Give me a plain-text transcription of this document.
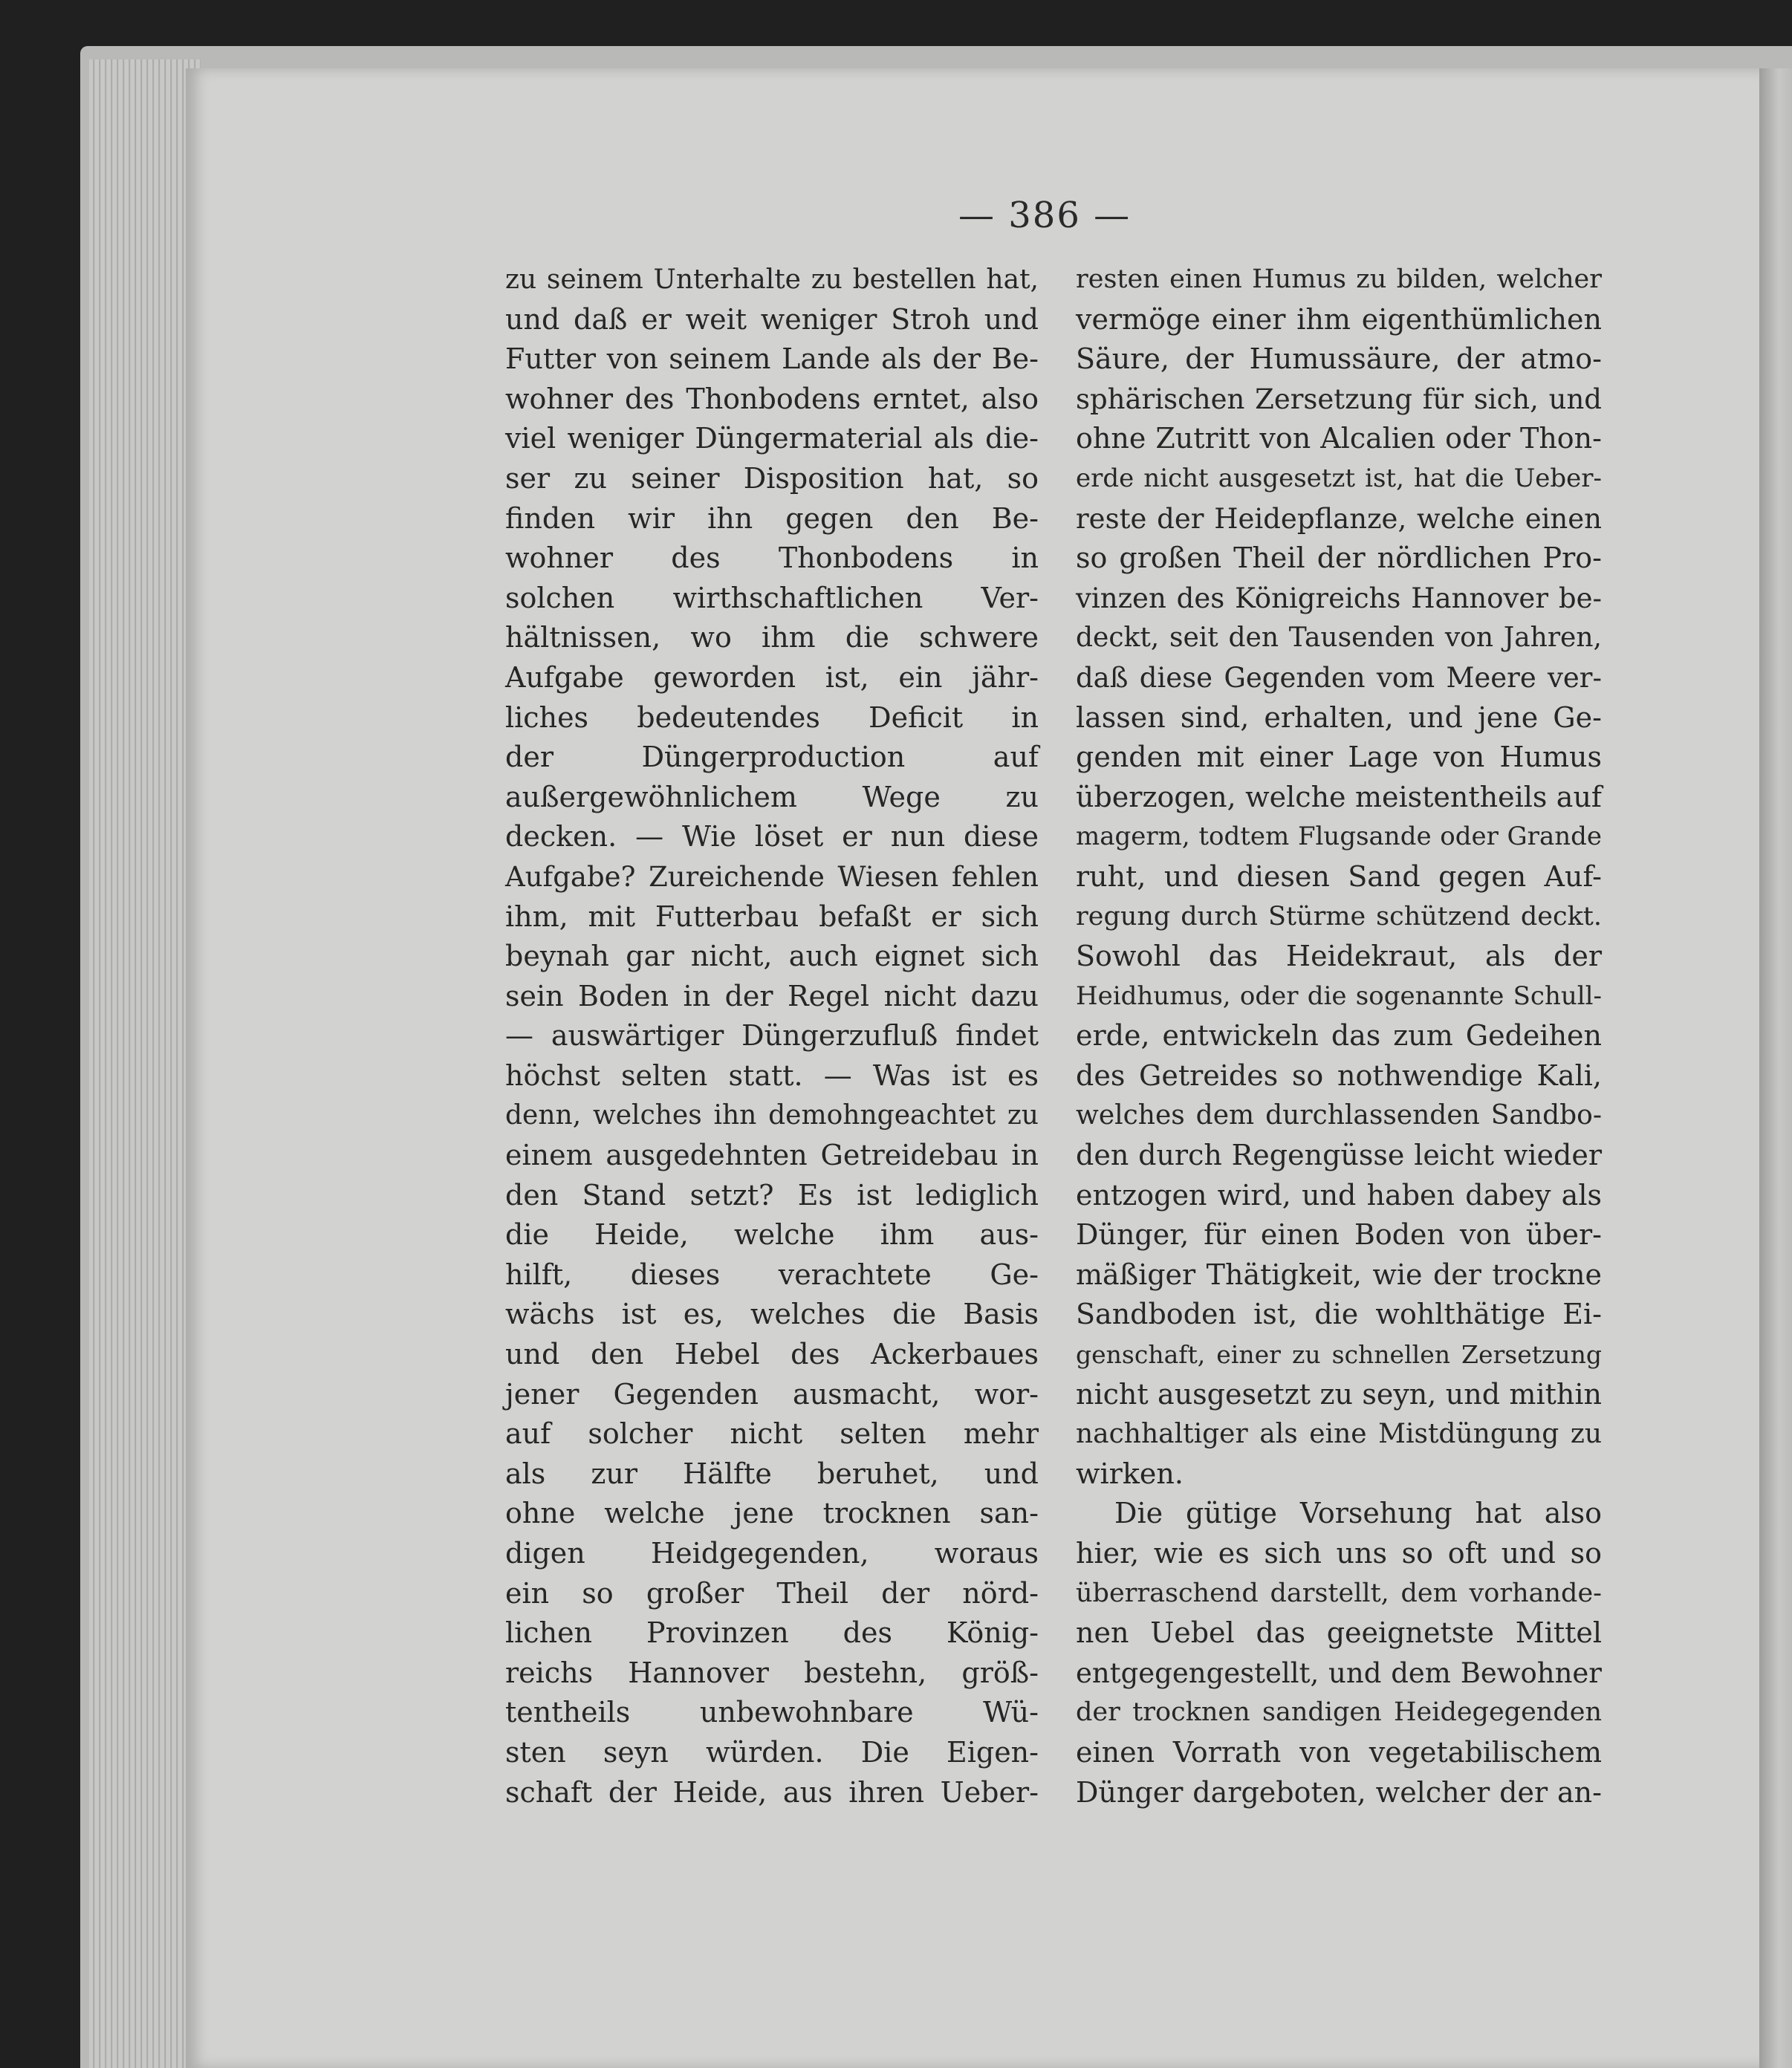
— 386 —
zu seinem Unterhalte zu bestellen hat,
und daß er weit weniger Stroh und
Futter von seinem Lande als der Be-
wohner des Thonbodens erntet, also
viel weniger Düngermaterial als die-
ser zu seiner Disposition hat, so
finden wir ihn gegen den Be-
wohner des Thonbodens in
solchen wirthschaftlichen Ver-
hältnissen, wo ihm die schwere
Aufgabe geworden ist, ein jähr-
liches bedeutendes Deficit in
der Düngerproduction auf
außergewöhnlichem Wege zu
decken. — Wie löset er nun diese
Aufgabe? Zureichende Wiesen fehlen
ihm, mit Futterbau befaßt er sich
beynah gar nicht, auch eignet sich
sein Boden in der Regel nicht dazu
— auswärtiger Düngerzufluß findet
höchst selten statt. — Was ist es
denn, welches ihn demohngeachtet zu
einem ausgedehnten Getreidebau in
den Stand setzt? Es ist lediglich
die Heide, welche ihm aus-
hilft, dieses verachtete Ge-
wächs ist es, welches die Basis
und den Hebel des Ackerbaues
jener Gegenden ausmacht, wor-
auf solcher nicht selten mehr
als zur Hälfte beruhet, und
ohne welche jene trocknen san-
digen Heidgegenden, woraus
ein so großer Theil der nörd-
lichen Provinzen des König-
reichs Hannover bestehn, größ-
tentheils unbewohnbare Wü-
sten seyn würden. Die Eigen-
schaft der Heide, aus ihren Ueber-
resten einen Humus zu bilden, welcher
vermöge einer ihm eigenthümlichen
Säure, der Humussäure, der atmo-
sphärischen Zersetzung für sich, und
ohne Zutritt von Alcalien oder Thon-
erde nicht ausgesetzt ist, hat die Ueber-
reste der Heidepflanze, welche einen
so großen Theil der nördlichen Pro-
vinzen des Königreichs Hannover be-
deckt, seit den Tausenden von Jahren,
daß diese Gegenden vom Meere ver-
lassen sind, erhalten, und jene Ge-
genden mit einer Lage von Humus
überzogen, welche meistentheils auf
magerm, todtem Flugsande oder Grande
ruht, und diesen Sand gegen Auf-
regung durch Stürme schützend deckt.
Sowohl das Heidekraut, als der
Heidhumus, oder die sogenannte Schull-
erde, entwickeln das zum Gedeihen
des Getreides so nothwendige Kali,
welches dem durchlassenden Sandbo-
den durch Regengüsse leicht wieder
entzogen wird, und haben dabey als
Dünger, für einen Boden von über-
mäßiger Thätigkeit, wie der trockne
Sandboden ist, die wohlthätige Ei-
genschaft, einer zu schnellen Zersetzung
nicht ausgesetzt zu seyn, und mithin
nachhaltiger als eine Mistdüngung zu
wirken.
Die gütige Vorsehung hat also
hier, wie es sich uns so oft und so
überraschend darstellt, dem vorhande-
nen Uebel das geeignetste Mittel
entgegengestellt, und dem Bewohner
der trocknen sandigen Heidegegenden
einen Vorrath von vegetabilischem
Dünger dargeboten, welcher der an-
